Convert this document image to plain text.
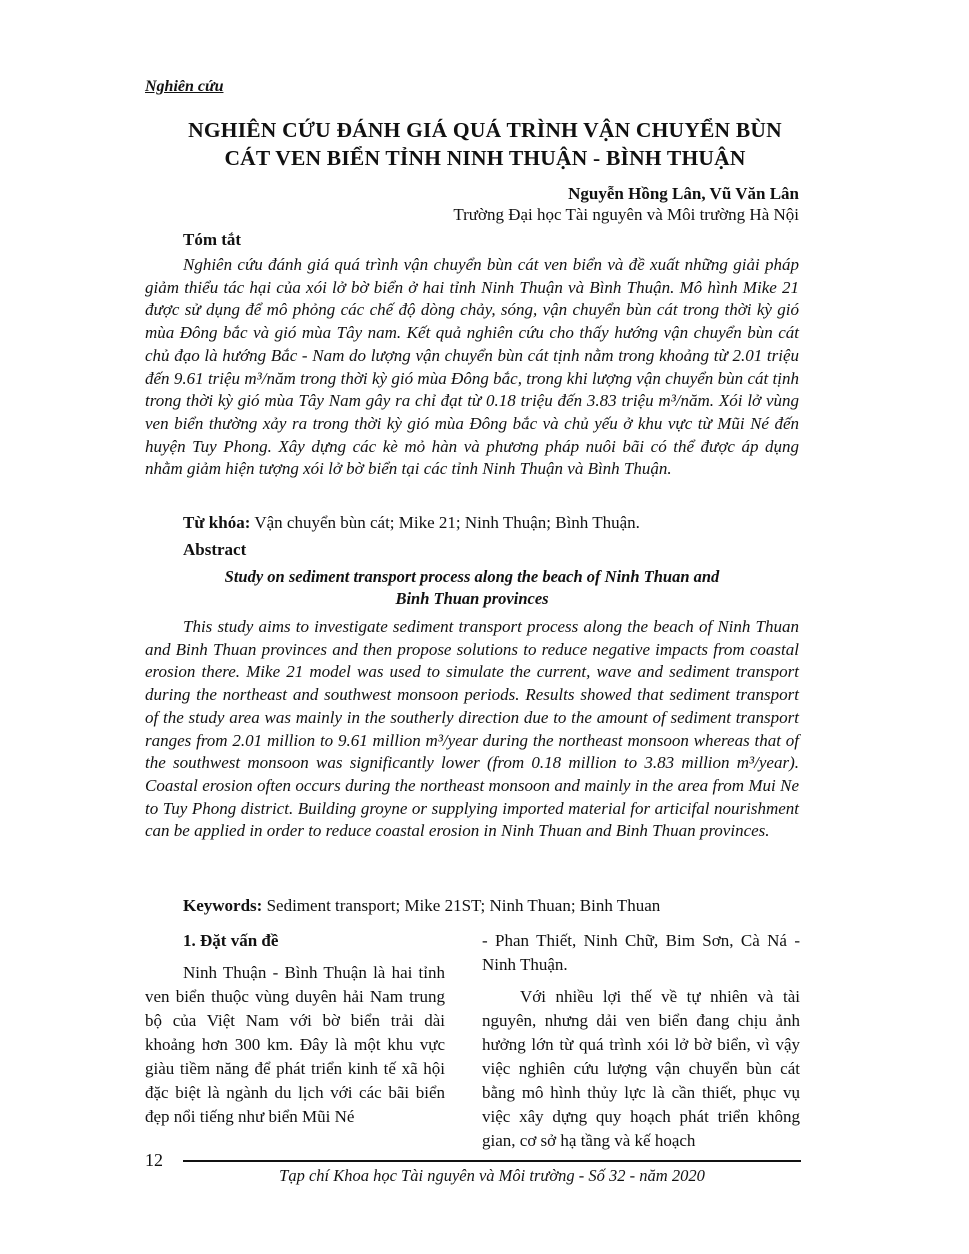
Nghiên cứu
NGHIÊN CỨU ĐÁNH GIÁ QUÁ TRÌNH VẬN CHUYỂN BÙN
CÁT VEN BIỂN TỈNH NINH THUẬN - BÌNH THUẬN
Nguyễn Hồng Lân, Vũ Văn Lân
Trường Đại học Tài nguyên và Môi trường Hà Nội
Tóm tắt
Nghiên cứu đánh giá quá trình vận chuyển bùn cát ven biển và đề xuất những giải pháp giảm thiểu tác hại của xói lở bờ biển ở hai tỉnh Ninh Thuận và Bình Thuận. Mô hình Mike 21 được sử dụng để mô phỏng các chế độ dòng chảy, sóng, vận chuyển bùn cát trong thời kỳ gió mùa Đông bắc và gió mùa Tây nam. Kết quả nghiên cứu cho thấy hướng vận chuyển bùn cát chủ đạo là hướng Bắc - Nam do lượng vận chuyển bùn cát tịnh nằm trong khoảng từ 2.01 triệu đến 9.61 triệu m³/năm trong thời kỳ gió mùa Đông bắc, trong khi lượng vận chuyển bùn cát tịnh trong thời kỳ gió mùa Tây Nam gây ra chỉ đạt từ 0.18 triệu đến 3.83 triệu m³/năm. Xói lở vùng ven biển thường xảy ra trong thời kỳ gió mùa Đông bắc và chủ yếu ở khu vực từ Mũi Né đến huyện Tuy Phong. Xây dựng các kè mỏ hàn và phương pháp nuôi bãi có thể được áp dụng nhằm giảm hiện tượng xói lở bờ biển tại các tỉnh Ninh Thuận và Bình Thuận.
Từ khóa: Vận chuyển bùn cát; Mike 21; Ninh Thuận; Bình Thuận.
Abstract
Study on sediment transport process along the beach of Ninh Thuan and
Binh Thuan provinces
This study aims to investigate sediment transport process along the beach of Ninh Thuan and Binh Thuan provinces and then propose solutions to reduce negative impacts from coastal erosion there. Mike 21 model was used to simulate the current, wave and sediment transport during the northeast and southwest monsoon periods. Results showed that sediment transport of the study area was mainly in the southerly direction due to the amount of sediment transport ranges from 2.01 million to 9.61 million m³/year during the northeast monsoon whereas that of the southwest monsoon was significantly lower (from 0.18 million to 3.83 million m³/year). Coastal erosion often occurs during the northeast monsoon and mainly in the area from Mui Ne to Tuy Phong district. Building groyne or supplying imported material for articifal nourishment can be applied in order to reduce coastal erosion in Ninh Thuan and Binh Thuan provinces.
Keywords: Sediment transport; Mike 21ST; Ninh Thuan; Binh Thuan
1. Đặt vấn đề
Ninh Thuận - Bình Thuận là hai tỉnh ven biển thuộc vùng duyên hải Nam trung bộ của Việt Nam với bờ biển trải dài khoảng hơn 300 km. Đây là một khu vực giàu tiềm năng để phát triển kinh tế xã hội đặc biệt là ngành du lịch với các bãi biển đẹp nổi tiếng như biển Mũi Né
- Phan Thiết, Ninh Chữ, Bim Sơn, Cà Ná - Ninh Thuận.
Với nhiều lợi thế về tự nhiên và tài nguyên, nhưng dải ven biển đang chịu ảnh hưởng lớn từ quá trình xói lở bờ biển, vì vậy việc nghiên cứu lượng vận chuyển bùn cát bằng mô hình thủy lực là cần thiết, phục vụ việc xây dựng quy hoạch phát triển không gian, cơ sở hạ tầng và kế hoạch
12
Tạp chí Khoa học Tài nguyên và Môi trường - Số 32 - năm 2020
